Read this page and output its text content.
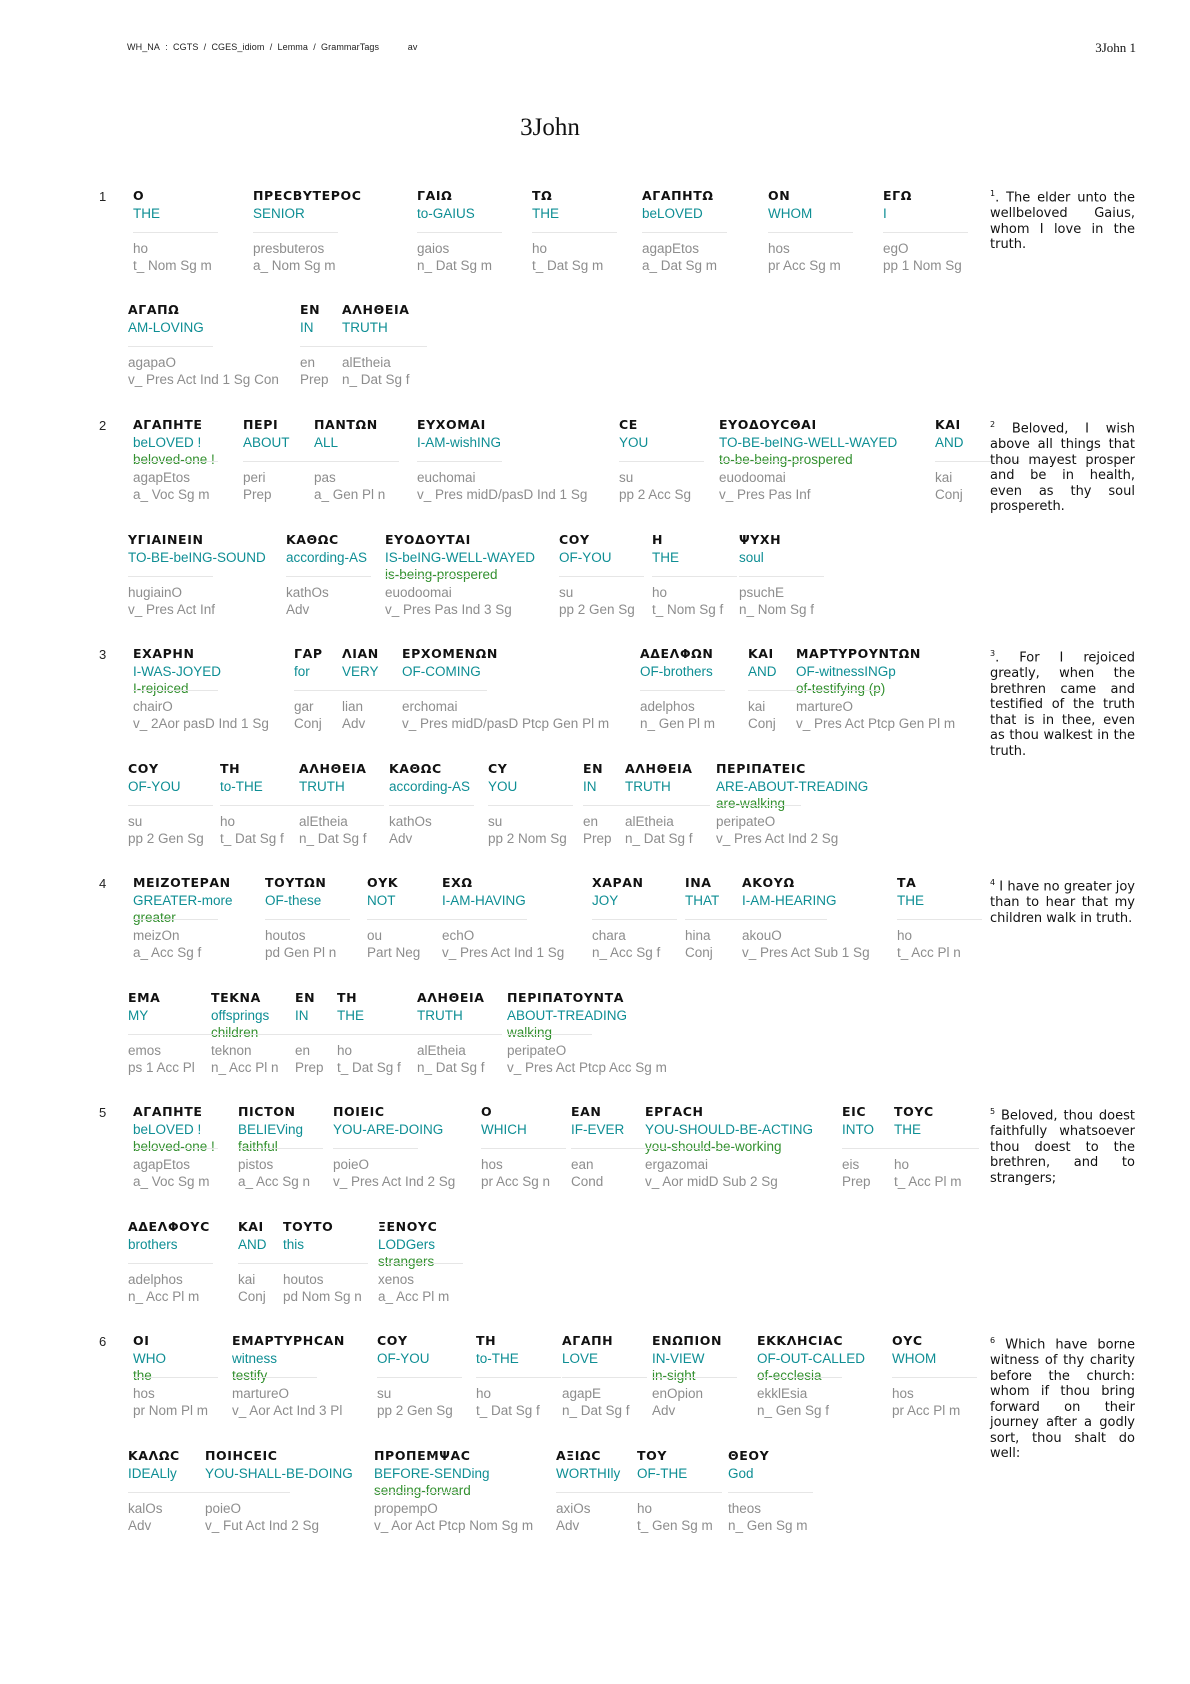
WH_NA : CGTS / CGES_idiom / Lemma / GrammarTags	av	3John 1
3John
1 Ο
THE
ho
t_ Nom Sg m
ΠΡΕϹΒΥΤΕΡΟϹ
SENIOR
presbuteros
a_ Nom Sg m
ΓΑΙΩ
to-GAIUS
gaios
n_ Dat Sg m
ΤΩ
THE
ho
t_ Dat Sg m
ΑΓΑΠΗΤΩ
beLOVED
agapEtos
a_ Dat Sg m
ΟΝ
WHOM
hos
pr Acc Sg m
ΕΓΩ
I
egO
pp 1 Nom Sg
ΑΓΑΠΩ
AM-LOVING
agapaO
v_ Pres Act Ind 1 Sg Con
ΕΝ
IN
en
Prep
ΑΛΗΘΕΙΑ
TRUTH
alEtheia
n_ Dat Sg f
$^1$. The elder unto the wellbeloved Gaius, whom I love in the truth.
2 ΑΓΑΠΗΤΕ
beLOVED !
beloved-one !
agapEtos
a_ Voc Sg m
ΠΕΡΙ
ABOUT
peri
Prep
ΠΑΝΤΩΝ
ALL
pas
a_ Gen Pl n
ΕΥΧΟΜΑΙ
I-AM-wishING
euchomai
v_ Pres midD/pasD Ind 1 Sg
ϹΕ
YOU
su
pp 2 Acc Sg
ΕΥΟΔΟΥϹΘΑΙ
TO-BE-beING-WELL-WAYED
to-be-being-prospered
euodoomai
v_ Pres Pas Inf
ΚΑΙ
AND
kai
Conj
ΥΓΙΑΙΝΕΙΝ
TO-BE-beING-SOUND
hugiainO
v_ Pres Act Inf
ΚΑΘΩϹ
according-AS
kathOs
Adv
ΕΥΟΔΟΥΤΑΙ
IS-beING-WELL-WAYED
is-being-prospered
euodoomai
v_ Pres Pas Ind 3 Sg
ϹΟΥ
OF-YOU
su
pp 2 Gen Sg
Η
THE
ho
t_ Nom Sg f
ΨΥΧΗ
soul
psuchE
n_ Nom Sg f
$^2$ Beloved, I wish above all things that thou mayest prosper and be in health, even as thy soul prospereth.
3 ΕΧΑΡΗΝ
I-WAS-JOYED
I-rejoiced
chairO
v_ 2Aor pasD Ind 1 Sg
ΓΑΡ
for
gar
Conj
ΛΙΑΝ
VERY
lian
Adv
ΕΡΧΟΜΕΝΩΝ
OF-COMING
erchomai
v_ Pres midD/pasD Ptcp Gen Pl m
ΑΔΕΛΦΩΝ
OF-brothers
adelphos
n_ Gen Pl m
ΚΑΙ
AND
kai
Conj
ΜΑΡΤΥΡΟΥΝΤΩΝ
OF-witnessINGp
of-testifying (p)
martureO
v_ Pres Act Ptcp Gen Pl m
ϹΟΥ
OF-YOU
su
pp 2 Gen Sg
ΤΗ
to-THE
ho
t_ Dat Sg f
ΑΛΗΘΕΙΑ
TRUTH
alEtheia
n_ Dat Sg f
ΚΑΘΩϹ
according-AS
kathOs
Adv
ϹΥ
YOU
su
pp 2 Nom Sg
ΕΝ
IN
en
Prep
ΑΛΗΘΕΙΑ
TRUTH
alEtheia
n_ Dat Sg f
ΠΕΡΙΠΑΤΕΙϹ
ARE-ABOUT-TREADING
are-walking
peripateO
v_ Pres Act Ind 2 Sg
$^3$. For I rejoiced greatly, when the brethren came and testified of the truth that is in thee, even as thou walkest in the truth.
4 ΜΕΙΖΟΤΕΡΑΝ
GREATER-more
greater
meizOn
a_ Acc Sg f
ΤΟΥΤΩΝ
OF-these
houtos
pd Gen Pl n
ΟΥΚ
NOT
ou
Part Neg
ΕΧΩ
I-AM-HAVING
echO
v_ Pres Act Ind 1 Sg
ΧΑΡΑΝ
JOY
chara
n_ Acc Sg f
ΙΝΑ
THAT
hina
Conj
ΑΚΟΥΩ
I-AM-HEARING
akouO
v_ Pres Act Sub 1 Sg
ΤΑ
THE
ho
t_ Acc Pl n
ΕΜΑ
MY
emos
ps 1 Acc Pl
ΤΕΚΝΑ
offsprings
children
teknon
n_ Acc Pl n
ΕΝ
IN
en
Prep
ΤΗ
THE
ho
t_ Dat Sg f
ΑΛΗΘΕΙΑ
TRUTH
alEtheia
n_ Dat Sg f
ΠΕΡΙΠΑΤΟΥΝΤΑ
ABOUT-TREADING
walking
peripateO
v_ Pres Act Ptcp Acc Sg m
$^4$ I have no greater joy than to hear that my children walk in truth.
5 ΑΓΑΠΗΤΕ
beLOVED !
beloved-one !
agapEtos
a_ Voc Sg m
ΠΙϹΤΟΝ
BELIEVing
faithful
pistos
a_ Acc Sg n
ΠΟΙΕΙϹ
YOU-ARE-DOING
poieO
v_ Pres Act Ind 2 Sg
Ο
WHICH
hos
pr Acc Sg n
ΕΑΝ
IF-EVER
ean
Cond
ΕΡΓΑϹΗ
YOU-SHOULD-BE-ACTING
you-should-be-working
ergazomai
v_ Aor midD Sub 2 Sg
ΕΙϹ
INTO
eis
Prep
ΤΟΥϹ
THE
ho
t_ Acc Pl m
ΑΔΕΛΦΟΥϹ
brothers
adelphos
n_ Acc Pl m
ΚΑΙ
AND
kai
Conj
ΤΟΥΤΟ
this
houtos
pd Nom Sg n
ΞΕΝΟΥϹ
LODGers
strangers
xenos
a_ Acc Pl m
$^5$ Beloved, thou doest faithfully whatsoever thou doest to the brethren, and to strangers;
6 ΟΙ
WHO
the
hos
pr Nom Pl m
ΕΜΑΡΤΥΡΗϹΑΝ
witness
testify
martureO
v_ Aor Act Ind 3 Pl
ϹΟΥ
OF-YOU
su
pp 2 Gen Sg
ΤΗ
to-THE
ho
t_ Dat Sg f
ΑΓΑΠΗ
LOVE
agapE
n_ Dat Sg f
ΕΝΩΠΙΟΝ
IN-VIEW
in-sight
enOpion
Adv
ΕΚΚΛΗϹΙΑϹ
OF-OUT-CALLED
of-ecclesia
ekklEsia
n_ Gen Sg f
ΟΥϹ
WHOM
hos
pr Acc Pl m
ΚΑΛΩϹ
IDEALly
kalOs
Adv
ΠΟΙΗϹΕΙϹ
YOU-SHALL-BE-DOING
poieO
v_ Fut Act Ind 2 Sg
ΠΡΟΠΕΜΨΑϹ
BEFORE-SENDing
sending-forward
propempO
v_ Aor Act Ptcp Nom Sg m
ΑΞΙΩϹ
WORTHIly
axiOs
Adv
ΤΟΥ
OF-THE
ho
t_ Gen Sg m
ΘΕΟΥ
God
theos
n_ Gen Sg m
$^6$ Which have borne witness of thy charity before the church: whom if thou bring forward on their journey after a godly sort, thou shalt do well:
